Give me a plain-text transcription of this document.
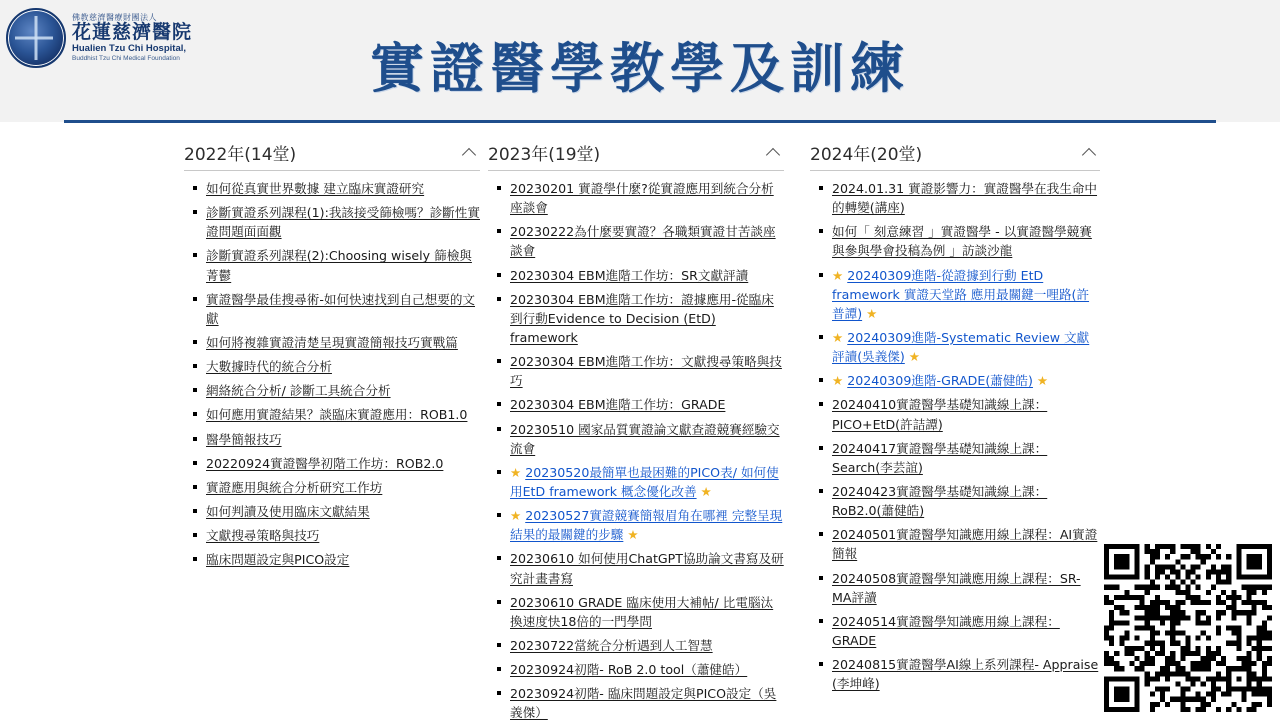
佛教慈濟醫療財團法人
花蓮慈濟醫院
Hualien Tzu Chi Hospital,
Buddhist Tzu Chi Medical Foundation	實證醫學教學及訓練
2022年(14堂)
如何從真實世界數據 建立臨床實證研究
診斷實證系列課程(1):我該接受篩檢嗎？診斷性實證問題面面觀
診斷實證系列課程(2):Choosing wisely 篩檢與菁鬱
實證醫學最佳搜尋術-如何快速找到自己想要的文獻
如何將複雜實證清楚呈現實證簡報技巧實戰篇
大數據時代的統合分析
網絡統合分析/ 診斷工具統合分析
如何應用實證結果？談臨床實證應用：ROB1.0
醫學簡報技巧
20220924實證醫學初階工作坊：ROB2.0
實證應用與統合分析研究工作坊
如何判讀及使用臨床文獻結果
文獻搜尋策略與技巧
臨床問題設定與PICO設定
2023年(19堂)
20230201 實證學什麼?從實證應用到統合分析座談會
20230222為什麼要實證？各職類實證甘苦談座談會
20230304 EBM進階工作坊：SR文獻評讀
20230304 EBM進階工作坊：證據應用-從臨床到行動Evidence to Decision (EtD) framework
20230304 EBM進階工作坊：文獻搜尋策略與技巧
20230304 EBM進階工作坊：GRADE
20230510 國家品質實證論文獻查證競賽經驗交流會
★ 20230520最簡單也最困難的PICO表/ 如何使用EtD framework 概念優化改善 ★
★ 20230527實證競賽簡報眉角在哪裡 完整呈現結果的最關鍵的步驟 ★
20230610 如何使用ChatGPT協助論文書寫及研究計畫書寫
20230610 GRADE 臨床使用大補帖/ 比電腦汰換速度快18倍的一門學問
20230722當統合分析遇到人工智慧
20230924初階- RoB 2.0 tool（蕭健皓）
20230924初階- 臨床問題設定與PICO設定（吳義傑）
2024年(20堂)
2024.01.31 實證影響力：實證醫學在我生命中的轉變(講座)
如何「 刻意練習 」實證醫學 - 以實證醫學競賽與參與學會投稿為例 」訪談沙龍
★ 20240309進階-從證據到行動 EtD framework 實證天堂路 應用最關鍵一哩路(許普譚) ★
★ 20240309進階-Systematic Review 文獻評讀(吳義傑) ★
★ 20240309進階-GRADE(蕭健皓) ★
20240410實證醫學基礎知識線上課：PICO+EtD(許詰譚)
20240417實證醫學基礎知識線上課：Search(李芸誼)
20240423實證醫學基礎知識線上課：RoB2.0(蕭健皓)
20240501實證醫學知識應用線上課程：AI實證簡報
20240508實證醫學知識應用線上課程：SR-MA評讀
20240514實證醫學知識應用線上課程：GRADE
20240815實證醫學AI線上系列課程- Appraise (李坤峰)
